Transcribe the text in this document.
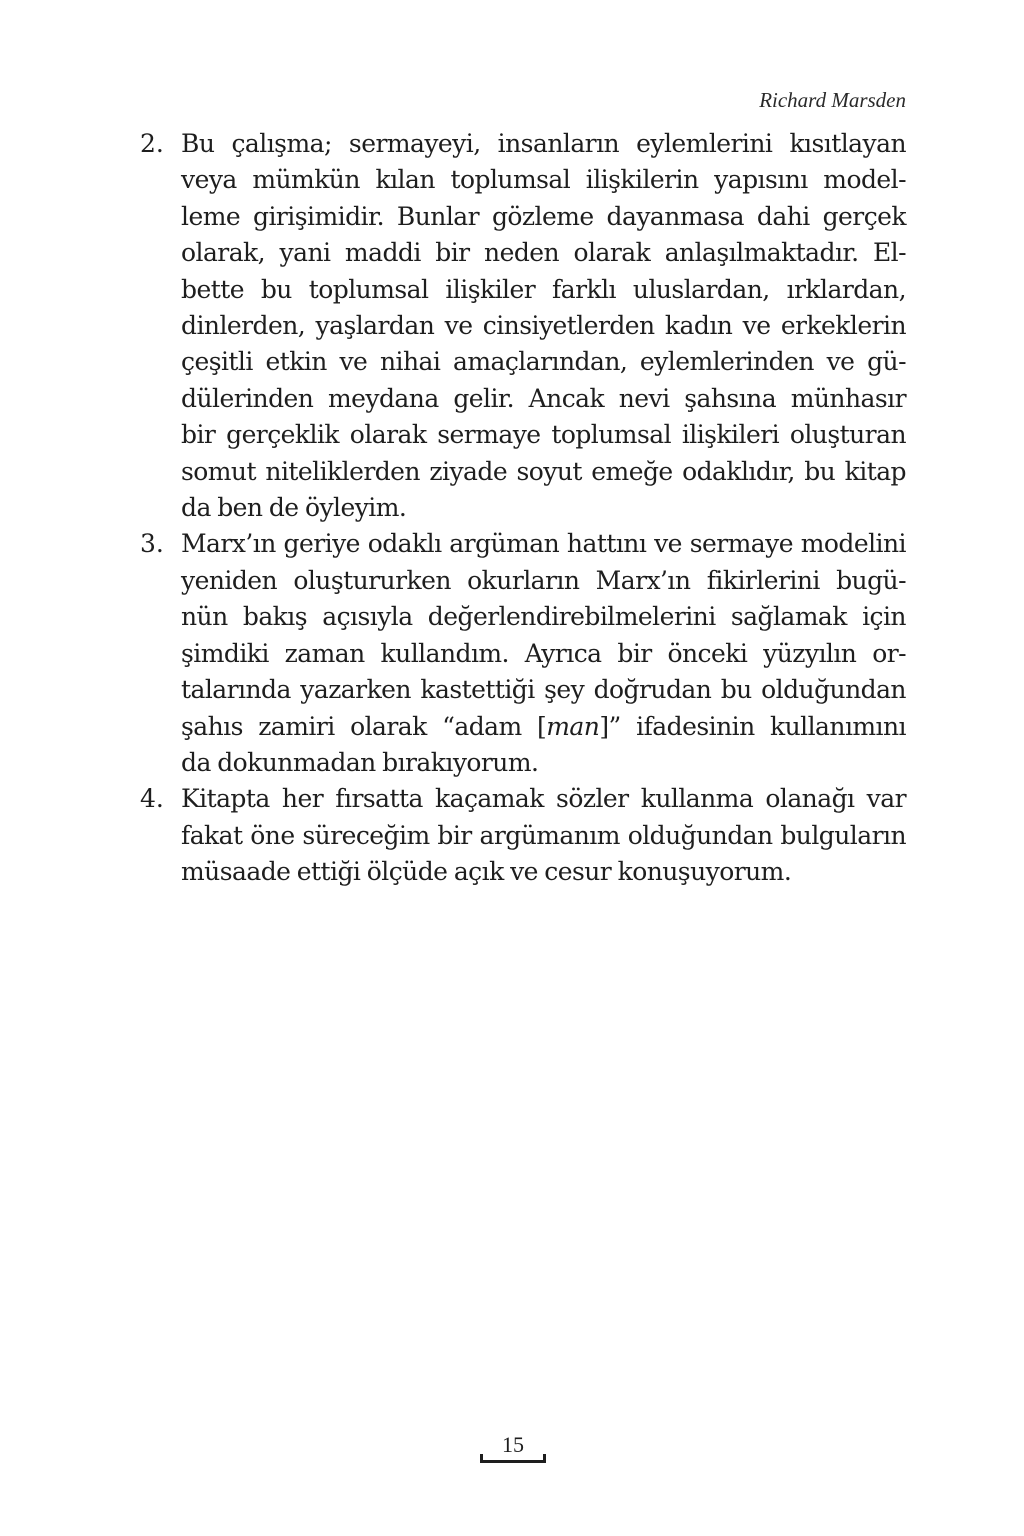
Richard Marsden
2. Bu çalışma; sermayeyi, insanların eylemlerini kısıtlayan
veya mümkün kılan toplumsal ilişkilerin yapısını model-
leme girişimidir. Bunlar gözleme dayanmasa dahi gerçek
olarak, yani maddi bir neden olarak anlaşılmaktadır. El-
bette bu toplumsal ilişkiler farklı uluslardan, ırklardan,
dinlerden, yaşlardan ve cinsiyetlerden kadın ve erkeklerin
çeşitli etkin ve nihai amaçlarından, eylemlerinden ve gü-
dülerinden meydana gelir. Ancak nevi şahsına münhasır
bir gerçeklik olarak sermaye toplumsal ilişkileri oluşturan
somut niteliklerden ziyade soyut emeğe odaklıdır, bu kitap
da ben de öyleyim.
3. Marx’ın geriye odaklı argüman hattını ve sermaye modelini
yeniden oluştururken okurların Marx’ın fikirlerini bugü-
nün bakış açısıyla değerlendirebilmelerini sağlamak için
şimdiki zaman kullandım. Ayrıca bir önceki yüzyılın or-
talarında yazarken kastettiği şey doğrudan bu olduğundan
şahıs zamiri olarak “adam [man]” ifadesinin kullanımını
da dokunmadan bırakıyorum.
4. Kitapta her fırsatta kaçamak sözler kullanma olanağı var
fakat öne süreceğim bir argümanım olduğundan bulguların
müsaade ettiği ölçüde açık ve cesur konuşuyorum.
15
